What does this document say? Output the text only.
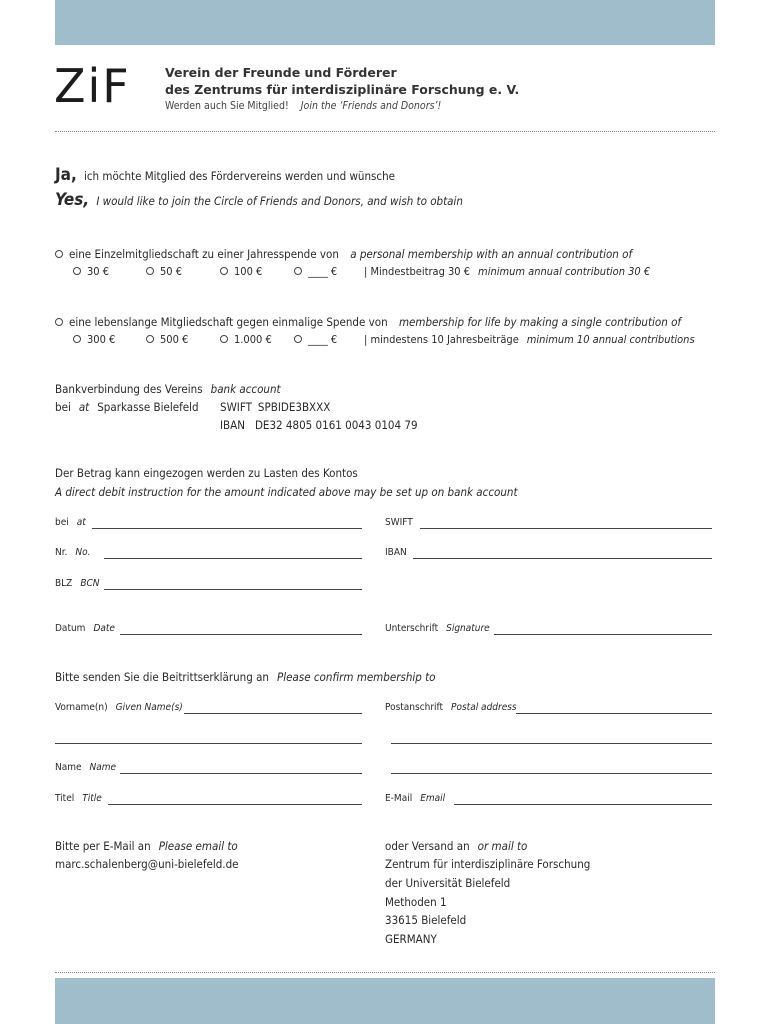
ZiF	Verein der Freunde und Förderer
des Zentrums für interdisziplinäre Forschung e. V.
Werden auch Sie Mitglied! Join the ‘Friends and Donors’!
Ja, ich möchte Mitglied des Fördervereins werden und wünsche
Yes, I would like to join the Circle of Friends and Donors, and wish to obtain
eine Einzelmitgliedschaft zu einer Jahresspende von a personal membership with an annual contribution of
30 €	50 €	100 €	____ € | Mindestbeitrag 30 € minimum annual contribution 30 €
eine lebenslange Mitgliedschaft gegen einmalige Spende von membership for life by making a single contribution of
300 €	500 €	1.000 €	____ € | mindestens 10 Jahresbeiträge minimum 10 annual contributions
Bankverbindung des Vereins bank account
bei at Sparkasse Bielefeld SWIFT SPBIDE3BXXX
IBAN DE32 4805 0161 0043 0104 79
Der Betrag kann eingezogen werden zu Lasten des Kontos
A direct debit instruction for the amount indicated above may be set up on bank account
bei at	SWIFT
Nr. No.	IBAN
BLZ BCN
Datum Date	Unterschrift Signature
Bitte senden Sie die Beitrittserklärung an Please confirm membership to
Vorname(n) Given Name(s)	Postanschrift Postal address
Name Name
Titel Title	E-Mail Email
Bitte per E-Mail an Please email to
marc.schalenberg@uni-bielefeld.de
oder Versand an or mail to
Zentrum für interdisziplinäre Forschung
der Universität Bielefeld
Methoden 1
33615 Bielefeld
GERMANY
